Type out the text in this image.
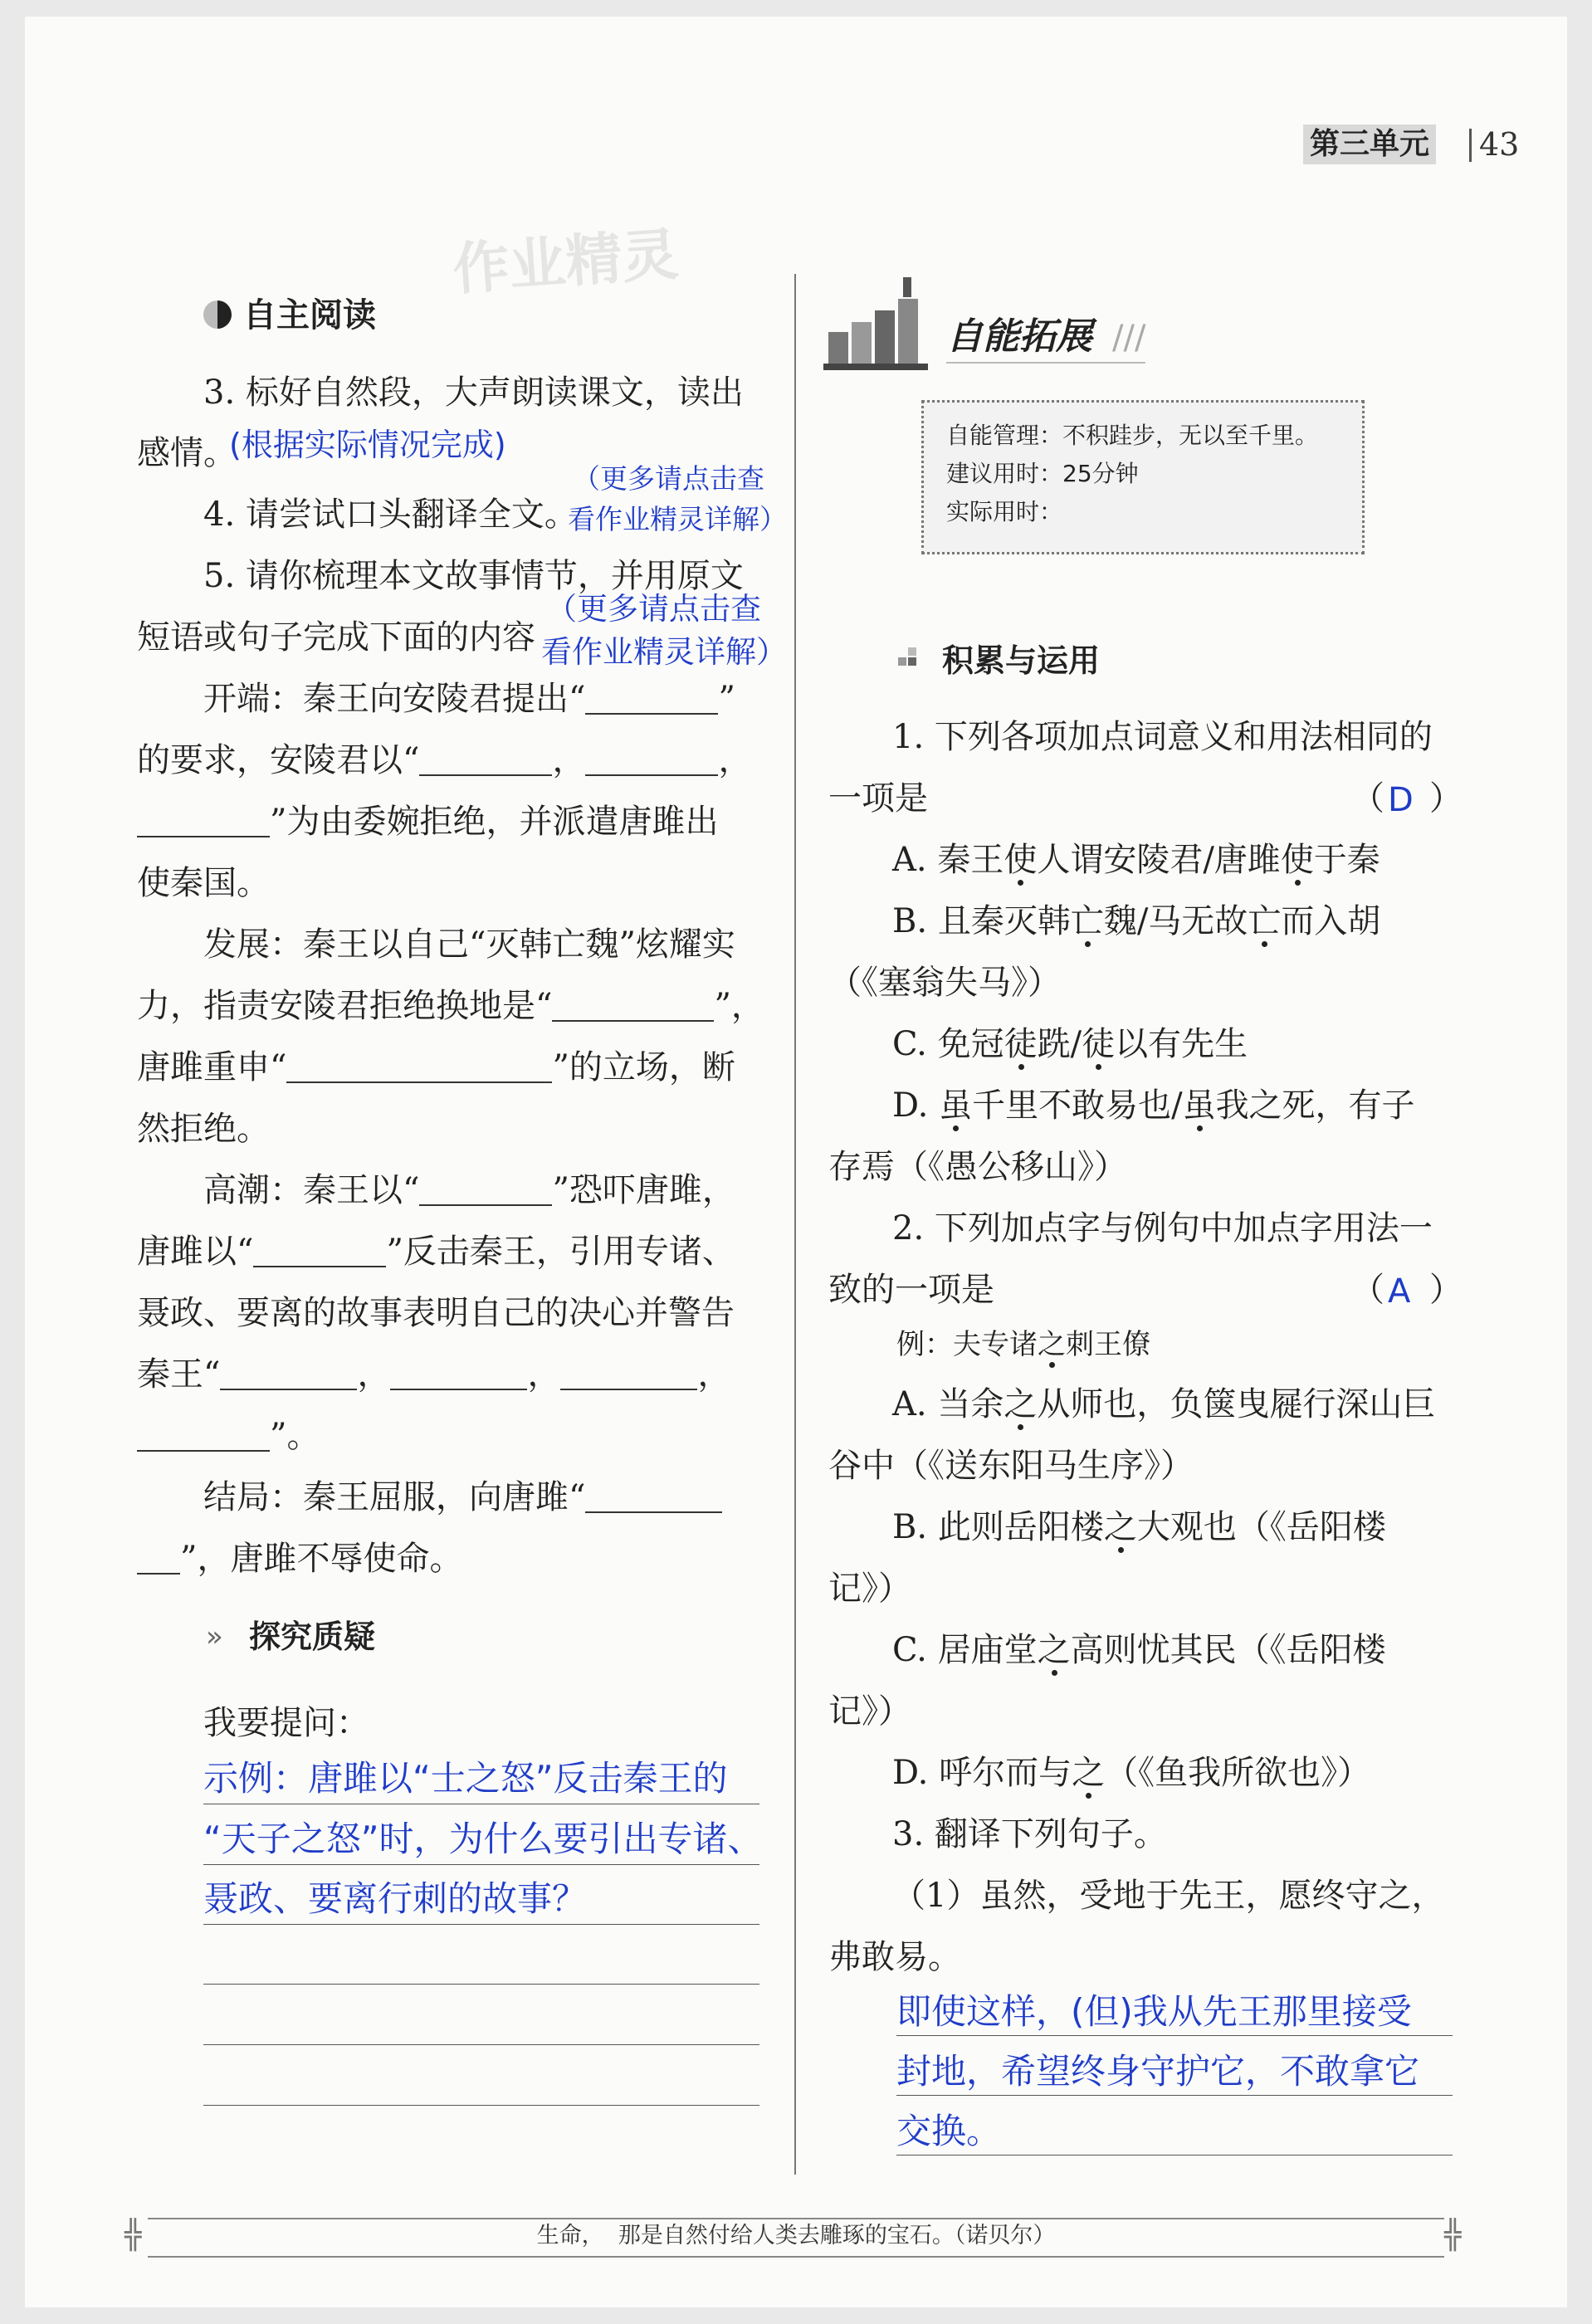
第三单元 43
作业精灵
自主阅读
3. 标好自然段，大声朗读课文，读出
感情。
(根据实际情况完成)
（更多请点击查
4. 请尝试口头翻译全文。
看作业精灵详解）
5. 请你梳理本文故事情节，并用原文
（更多请点击查
短语或句子完成下面的内容 看作业精灵详解）
开端：秦王向安陵君提出“	”
的要求，安陵君以“	，	，
”为由委婉拒绝，并派遣唐雎出
使秦国。
发展：秦王以自己“灭韩亡魏”炫耀实
力，指责安陵君拒绝换地是“	”，
唐雎重申“	”的立场，断
然拒绝。
高潮：秦王以“	”恐吓唐雎，
唐雎以“	”反击秦王，引用专诸、
聂政、要离的故事表明自己的决心并警告
秦王“	，	，	，
”。
结局：秦王屈服，向唐雎“
”，唐雎不辱使命。
» 探究质疑
我要提问：
示例：唐雎以“士之怒”反击秦王的
“天子之怒”时，为什么要引出专诸、
聂政、要离行刺的故事？
自能拓展 ///
自能管理：不积跬步，无以至千里。
建议用时：25分钟
实际用时：
积累与运用
1. 下列各项加点词意义和用法相同的
一项是	（ D ）
A. 秦王使人谓安陵君/唐雎使于秦
B. 且秦灭韩亡魏/马无故亡而入胡
（《塞翁失马》）
C. 免冠徒跣/徒以有先生
D. 虽千里不敢易也/虽我之死，有子
存焉（《愚公移山》）
2. 下列加点字与例句中加点字用法一
致的一项是	（ A ）
例：夫专诸之刺王僚
A. 当余之从师也，负箧曳屣行深山巨
谷中（《送东阳马生序》）
B. 此则岳阳楼之大观也（《岳阳楼
记》）
C. 居庙堂之高则忧其民（《岳阳楼
记》）
D. 呼尔而与之（《鱼我所欲也》）
3. 翻译下列句子。
（1）虽然，受地于先王，愿终守之，
弗敢易。
即使这样，(但)我从先王那里接受
封地，希望终身守护它，不敢拿它
交换。
╬	╬
生命，  那是自然付给人类去雕琢的宝石。（诺贝尔）
